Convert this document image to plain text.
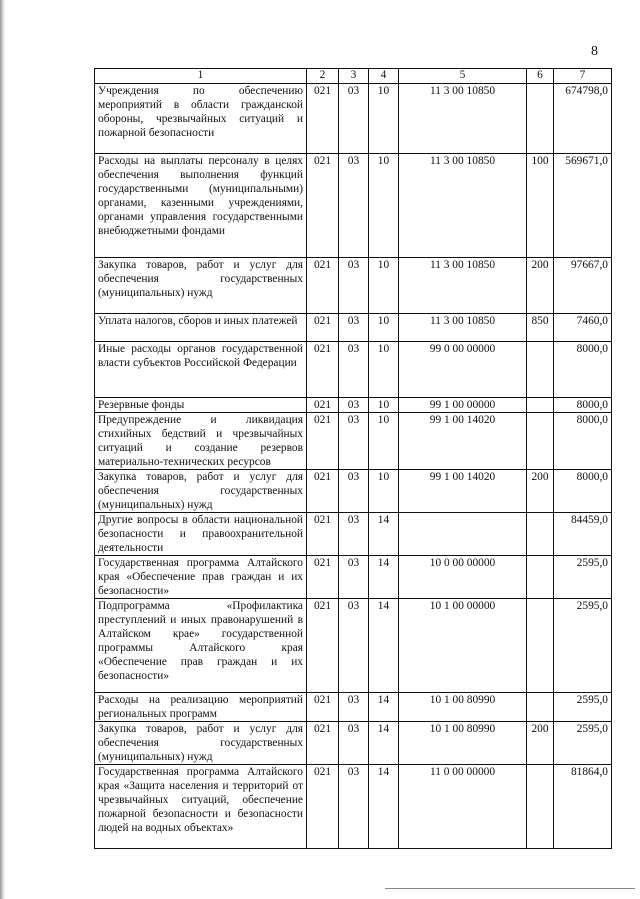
8
1	2	3	4	5	6	7
Учреждения по обеспечению мероприятий в области гражданской обороны, чрезвычайных ситуаций и пожарной безопасности	021	03	10	11 3 00 10850		674798,0
Расходы на выплаты персоналу в целях обеспечения выполнения функций государственными (муниципальными) органами, казенными учреждениями, органами управления государственными внебюджетными фондами	021	03	10	11 3 00 10850	100	569671,0
Закупка товаров, работ и услуг для обеспечения государственных (муниципальных) нужд	021	03	10	11 3 00 10850	200	97667,0
Уплата налогов, сборов и иных платежей	021	03	10	11 3 00 10850	850	7460,0
Иные расходы органов государственной власти субъектов Российской Федерации	021	03	10	99 0 00 00000		8000,0
Резервные фонды	021	03	10	99 1 00 00000		8000,0
Предупреждение и ликвидация стихийных бедствий и чрезвычайных ситуаций и создание резервов материально-технических ресурсов	021	03	10	99 1 00 14020		8000,0
Закупка товаров, работ и услуг для обеспечения государственных (муниципальных) нужд	021	03	10	99 1 00 14020	200	8000,0
Другие вопросы в области национальной безопасности и правоохранительной деятельности	021	03	14			84459,0
Государственная программа Алтайского края «Обеспечение прав граждан и их безопасности»	021	03	14	10 0 00 00000		2595,0
Подпрограмма «Профилактика преступлений и иных правонарушений в Алтайском крае» государственной программы Алтайского края «Обеспечение прав граждан и их безопасности»	021	03	14	10 1 00 00000		2595,0
Расходы на реализацию мероприятий региональных программ	021	03	14	10 1 00 80990		2595,0
Закупка товаров, работ и услуг для обеспечения государственных (муниципальных) нужд	021	03	14	10 1 00 80990	200	2595,0
Государственная программа Алтайского края «Защита населения и территорий от чрезвычайных ситуаций, обеспечение пожарной безопасности и безопасности людей на водных объектах»	021	03	14	11 0 00 00000		81864,0
